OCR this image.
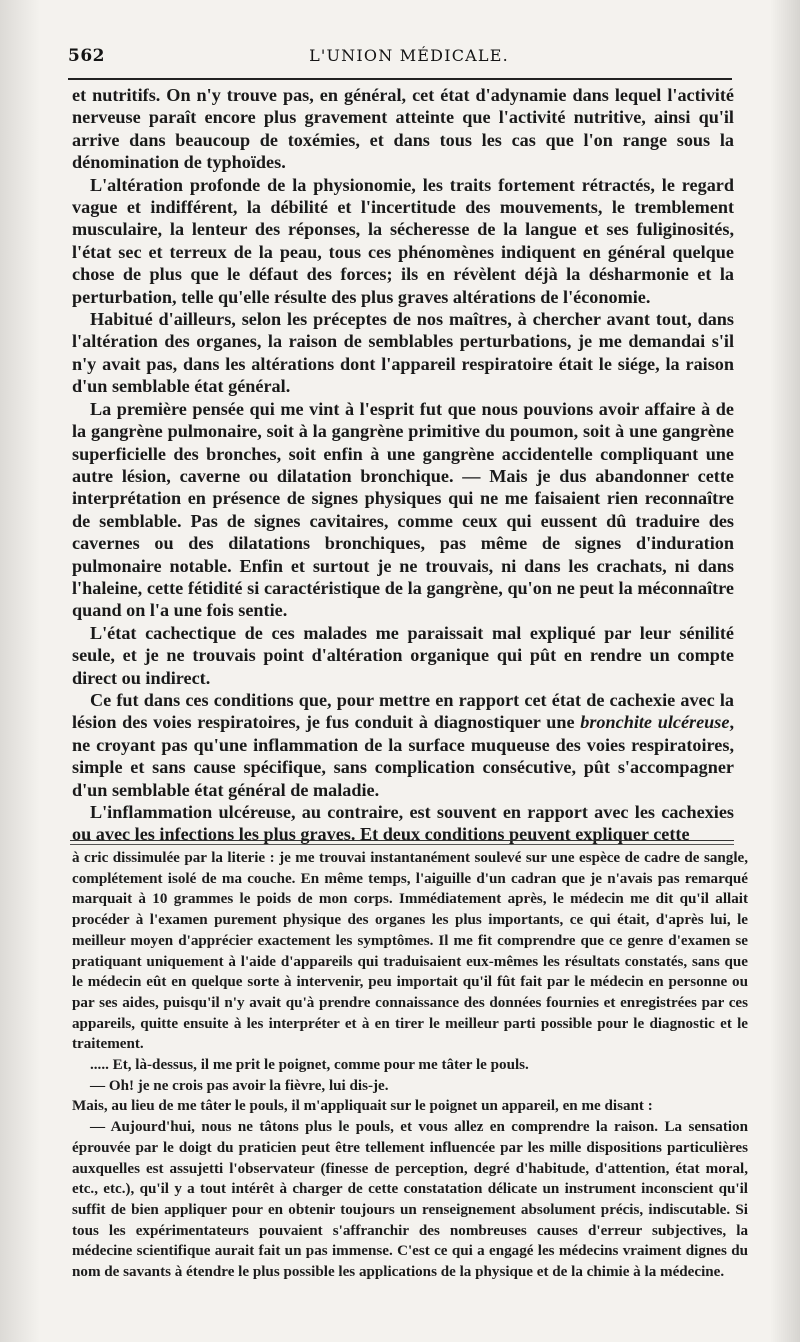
562	L'UNION MÉDICALE.

et nutritifs. On n'y trouve pas, en général, cet état d'adynamie dans lequel l'activité nerveuse paraît encore plus gravement atteinte que l'activité nutritive, ainsi qu'il arrive dans beaucoup de toxémies, et dans tous les cas que l'on range sous la dénomination de typhoïdes.

L'altération profonde de la physionomie, les traits fortement rétractés, le regard vague et indifférent, la débilité et l'incertitude des mouvements, le tremblement musculaire, la lenteur des réponses, la sécheresse de la langue et ses fuliginosités, l'état sec et terreux de la peau, tous ces phénomènes indiquent en général quelque chose de plus que le défaut des forces; ils en révèlent déjà la désharmonie et la perturbation, telle qu'elle résulte des plus graves altérations de l'économie.

Habitué d'ailleurs, selon les préceptes de nos maîtres, à chercher avant tout, dans l'altération des organes, la raison de semblables perturbations, je me demandai s'il n'y avait pas, dans les altérations dont l'appareil respiratoire était le siége, la raison d'un semblable état général.

La première pensée qui me vint à l'esprit fut que nous pouvions avoir affaire à de la gangrène pulmonaire, soit à la gangrène primitive du poumon, soit à une gangrène superficielle des bronches, soit enfin à une gangrène accidentelle compliquant une autre lésion, caverne ou dilatation bronchique. — Mais je dus abandonner cette interprétation en présence de signes physiques qui ne me faisaient rien reconnaître de semblable. Pas de signes cavitaires, comme ceux qui eussent dû traduire des cavernes ou des dilatations bronchiques, pas même de signes d'induration pulmonaire notable. Enfin et surtout je ne trouvais, ni dans les crachats, ni dans l'haleine, cette fétidité si caractéristique de la gangrène, qu'on ne peut la méconnaître quand on l'a une fois sentie.

L'état cachectique de ces malades me paraissait mal expliqué par leur sénilité seule, et je ne trouvais point d'altération organique qui pût en rendre un compte direct ou indirect.

Ce fut dans ces conditions que, pour mettre en rapport cet état de cachexie avec la lésion des voies respiratoires, je fus conduit à diagnostiquer une bronchite ulcéreuse, ne croyant pas qu'une inflammation de la surface muqueuse des voies respiratoires, simple et sans cause spécifique, sans complication consécutive, pût s'accompagner d'un semblable état général de maladie.

L'inflammation ulcéreuse, au contraire, est souvent en rapport avec les cachexies ou avec les infections les plus graves. Et deux conditions peuvent expliquer cette

à cric dissimulée par la literie : je me trouvai instantanément soulevé sur une espèce de cadre de sangle, complétement isolé de ma couche. En même temps, l'aiguille d'un cadran que je n'avais pas remarqué marquait à 10 grammes le poids de mon corps. Immédiatement après, le médecin me dit qu'il allait procéder à l'examen purement physique des organes les plus importants, ce qui était, d'après lui, le meilleur moyen d'apprécier exactement les symptômes. Il me fit comprendre que ce genre d'examen se pratiquant uniquement à l'aide d'appareils qui traduisaient eux-mêmes les résultats constatés, sans que le médecin eût en quelque sorte à intervenir, peu importait qu'il fût fait par le médecin en personne ou par ses aides, puisqu'il n'y avait qu'à prendre connaissance des données fournies et enregistrées par ces appareils, quitte ensuite à les interpréter et à en tirer le meilleur parti possible pour le diagnostic et le traitement.

..... Et, là-dessus, il me prit le poignet, comme pour me tâter le pouls.

— Oh! je ne crois pas avoir la fièvre, lui dis-je.

Mais, au lieu de me tâter le pouls, il m'appliquait sur le poignet un appareil, en me disant :

— Aujourd'hui, nous ne tâtons plus le pouls, et vous allez en comprendre la raison. La sensation éprouvée par le doigt du praticien peut être tellement influencée par les mille dispositions particulières auxquelles est assujetti l'observateur (finesse de perception, degré d'habitude, d'attention, état moral, etc., etc.), qu'il y a tout intérêt à charger de cette constatation délicate un instrument inconscient qu'il suffit de bien appliquer pour en obtenir toujours un renseignement absolument précis, indiscutable. Si tous les expérimentateurs pouvaient s'affranchir des nombreuses causes d'erreur subjectives, la médecine scientifique aurait fait un pas immense. C'est ce qui a engagé les médecins vraiment dignes du nom de savants à étendre le plus possible les applications de la physique et de la chimie à la médecine.
